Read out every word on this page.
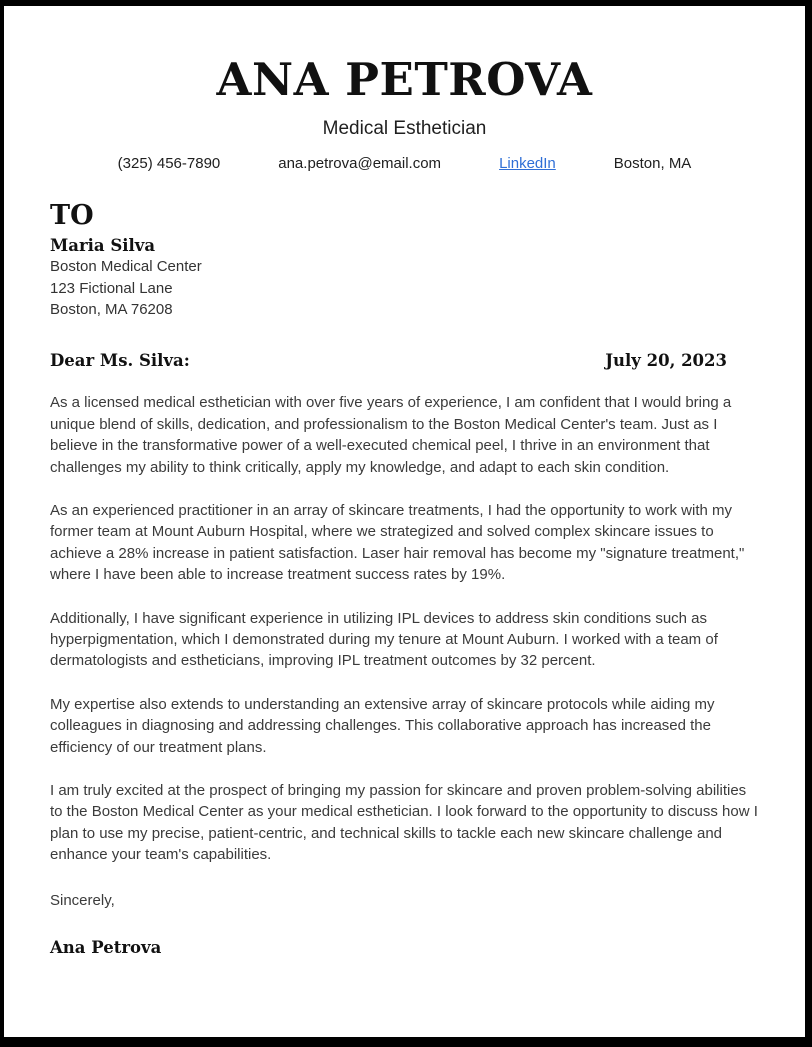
ANA PETROVA
Medical Esthetician
(325) 456-7890	ana.petrova@email.com	LinkedIn	Boston, MA
TO
Maria Silva
Boston Medical Center
123 Fictional Lane
Boston, MA 76208
Dear Ms. Silva:	July 20, 2023

As a licensed medical esthetician with over five years of experience, I am confident that I would bring a unique blend of skills, dedication, and professionalism to the Boston Medical Center's team. Just as I believe in the transformative power of a well-executed chemical peel, I thrive in an environment that challenges my ability to think critically, apply my knowledge, and adapt to each skin condition.

As an experienced practitioner in an array of skincare treatments, I had the opportunity to work with my former team at Mount Auburn Hospital, where we strategized and solved complex skincare issues to achieve a 28% increase in patient satisfaction. Laser hair removal has become my "signature treatment," where I have been able to increase treatment success rates by 19%.

Additionally, I have significant experience in utilizing IPL devices to address skin conditions such as hyperpigmentation, which I demonstrated during my tenure at Mount Auburn. I worked with a team of dermatologists and estheticians, improving IPL treatment outcomes by 32 percent.

My expertise also extends to understanding an extensive array of skincare protocols while aiding my colleagues in diagnosing and addressing challenges. This collaborative approach has increased the efficiency of our treatment plans.

I am truly excited at the prospect of bringing my passion for skincare and proven problem-solving abilities to the Boston Medical Center as your medical esthetician. I look forward to the opportunity to discuss how I plan to use my precise, patient-centric, and technical skills to tackle each new skincare challenge and enhance your team's capabilities.

Sincerely,
Ana Petrova
